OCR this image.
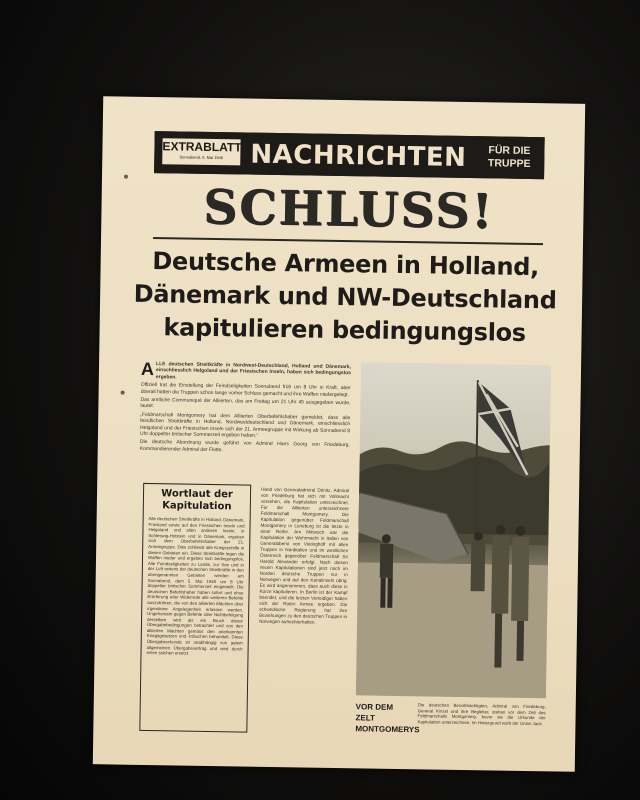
EXTRABLATT
Sonnabend, 5. Mai 1945	NACHRICHTEN	FÜR DIE
TRUPPE
SCHLUSS!
Deutsche Armeen in Holland,
Dänemark und NW-Deutschland
kapitulieren bedingungslos

ALLE deutschen Streitkräfte in Nordwest-Deutschland, Holland und Dänemark, einschliesslich Helgoland und der Friesischen Inseln, haben sich bedingungslos ergeben.

Offiziell trat die Einstellung der Feindseligkeiten Sonnabend früh um 8 Uhr in Kraft, aber überall hatten die Truppen schon lange vorher Schluss gemacht und ihre Waffen niedergelegt.

Das amtliche Communiqué der Alliierten, das am Freitag um 21 Uhr 45 ausgegeben wurde, lautet:

„Feldmarschall Montgomery hat dem Alliierten Oberbefehlshaber gemeldet, dass alle feindlichen Streitkräfte in Holland, Nordwestdeutschland und Dänemark, einschliesslich Helgoland und der Friesischen Inseln sich der 21. Armeegruppe mit Wirkung ab Sonnabend 8 Uhr doppelter britischer Sommerzeit ergeben haben.“

Die deutsche Abordnung wurde geführt von Admiral Hans Georg von Friedeburg, Kommandierender Admiral der Flotte.

Wortlaut der Kapitulation
Alle deutschen Streitkräfte in Holland, Dänemark, Friesland sowie auf den Friesischen Inseln und Helgoland und allen anderen Inseln, in Schleswig-Holstein und in Dänemark, ergeben sich dem Oberbefehlshaber der 21. Armeegruppe. Dies schliesst alle Kriegsschiffe in diesen Gebieten ein. Diese Streitkräfte legen die Waffen nieder und ergeben sich bedingungslos. Alle Feindseligkeiten zu Lande, zur See und in der Luft seitens der deutschen Streitkräfte in den obengenannten Gebieten werden am Sonnabend, dem 5. Mai 1945 um 8 Uhr doppelter britischer Sommerzeit eingestellt. Die deutschen Befehlshaber haben sofort und ohne Erörterung oder Widerrede alle weiteren Befehle auszuführen, die von den alliierten Mächten über irgendeine Angelegenheit erlassen werden. Ungehorsam gegen Befehle oder Nichtbefolgung derselben wird als ein Bruch dieser Übergabebedingungen betrachtet und von den alliierten Mächten gemäss den anerkannten Kriegsgesetzen und -bräuchen behandelt. Diese Übergabeurkunde ist unabhängig von jedem allgemeinen Übergabevertrag und wird durch einen solchen ersetzt.
Hand von Generaladmiral Dönitz, Admiral von Friedeburg hat sich mit Vollmacht versehen, die Kapitulation unterzeichnet. Für die Alliierten unterzeichnete Feldmarschall Montgomery. Die Kapitulation gegenüber Feldmarschall Montgomery in Lüneburg ist die letzte in einer Reihe. Am Mittwoch war die Kapitulation der Wehrmacht in Italien von Generaloberst von Vietinghoff mit allen Truppen in Norditalien und im westlichen Österreich gegenüber Feldmarschall Sir Harold Alexander erfolgt. Nach diesen neuen Kapitulationen sind jetzt noch im Norden deutsche Truppen nur in Norwegen und auf den Kanalinseln übrig. Es wird angenommen, dass auch diese in Kürze kapitulieren. In Berlin ist der Kampf beendet, und die letzten Verteidiger haben sich der Roten Armee ergeben. Die schwedische Regierung hat ihre Beziehungen zu den deutschen Truppen in Norwegen aufrechterhalten.
VOR DEM ZELT MONTGOMERYS
Die deutschen Bevollmächtigten, Admiral von Friedeburg, General Kinzel und ihre Begleiter, stehen vor dem Zelt des Feldmarschalls Montgomery, bevor sie die Urkunde der Kapitulation unterzeichnen. Im Hintergrund weht der Union Jack.
